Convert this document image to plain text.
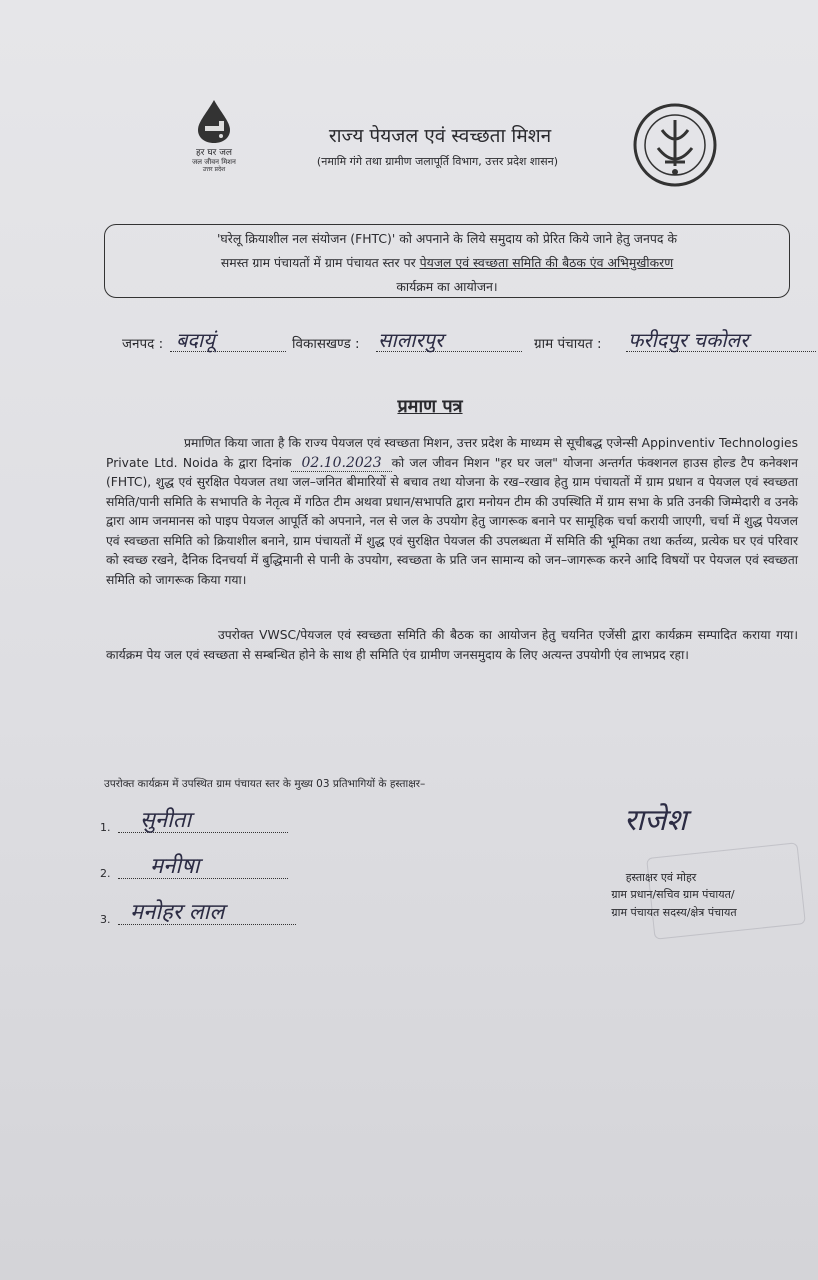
हर घर जल
जल जीवन मिशन
उत्तर प्रदेश
राज्य पेयजल एवं स्वच्छता मिशन
(नमामि गंगे तथा ग्रामीण जलापूर्ति विभाग, उत्तर प्रदेश शासन)
'घरेलू क्रियाशील नल संयोजन (FHTC)' को अपनाने के लिये समुदाय को प्रेरित किये जाने हेतु जनपद के
समस्त ग्राम पंचायतों में ग्राम पंचायत स्तर पर पेयजल एवं स्वच्छता समिति की बैठक एंव अभिमुखीकरण
कार्यक्रम का आयोजन।
जनपद : बदायूं	विकासखण्ड : सालारपुर	ग्राम पंचायत : फरीदपुर चकोलर
प्रमाण पत्र
प्रमाणित किया जाता है कि राज्य पेयजल एवं स्वच्छता मिशन, उत्तर प्रदेश के माध्यम से सूचीबद्ध एजेन्सी Appinventiv Technologies Private Ltd. Noida के द्वारा दिनांक 02.10.2023 को जल जीवन मिशन "हर घर जल" योजना अन्तर्गत फंक्शनल हाउस होल्ड टैप कनेक्शन (FHTC), शुद्ध एवं सुरक्षित पेयजल तथा जल–जनित बीमारियों से बचाव तथा योजना के रख–रखाव हेतु ग्राम पंचायतों में ग्राम प्रधान व पेयजल एवं स्वच्छता समिति/पानी समिति के सभापति के नेतृत्व में गठित टीम अथवा प्रधान/सभापति द्वारा मनोयन टीम की उपस्थिति में ग्राम सभा के प्रति उनकी जिम्मेदारी व उनके द्वारा आम जनमानस को पाइप पेयजल आपूर्ति को अपनाने, नल से जल के उपयोग हेतु जागरूक बनाने पर सामूहिक चर्चा करायी जाएगी, चर्चा में शुद्ध पेयजल एवं स्वच्छता समिति को क्रियाशील बनाने, ग्राम पंचायतों में शुद्ध एवं सुरक्षित पेयजल की उपलब्धता में समिति की भूमिका तथा कर्तव्य, प्रत्येक घर एवं परिवार को स्वच्छ रखने, दैनिक दिनचर्या में बुद्धिमानी से पानी के उपयोग, स्वच्छता के प्रति जन सामान्य को जन–जागरूक करने आदि विषयों पर पेयजल एवं स्वच्छता समिति को जागरूक किया गया।
उपरोक्त VWSC/पेयजल एवं स्वच्छता समिति की बैठक का आयोजन हेतु चयनित एजेंसी द्वारा कार्यक्रम सम्पादित कराया गया। कार्यक्रम पेय जल एवं स्वच्छता से सम्बन्धित होने के साथ ही समिति एंव ग्रामीण जनसमुदाय के लिए अत्यन्त उपयोगी एंव लाभप्रद रहा।
उपरोक्त कार्यक्रम में उपस्थित ग्राम पंचायत स्तर के मुख्य 03 प्रतिभागियों के हस्ताक्षर–
1. सुनीता
2. मनीषा
3. मनोहर लाल
राजेश
हस्ताक्षर एवं मोहर
ग्राम प्रधान/सचिव ग्राम पंचायत/
ग्राम पंचायत सदस्य/क्षेत्र पंचायत
